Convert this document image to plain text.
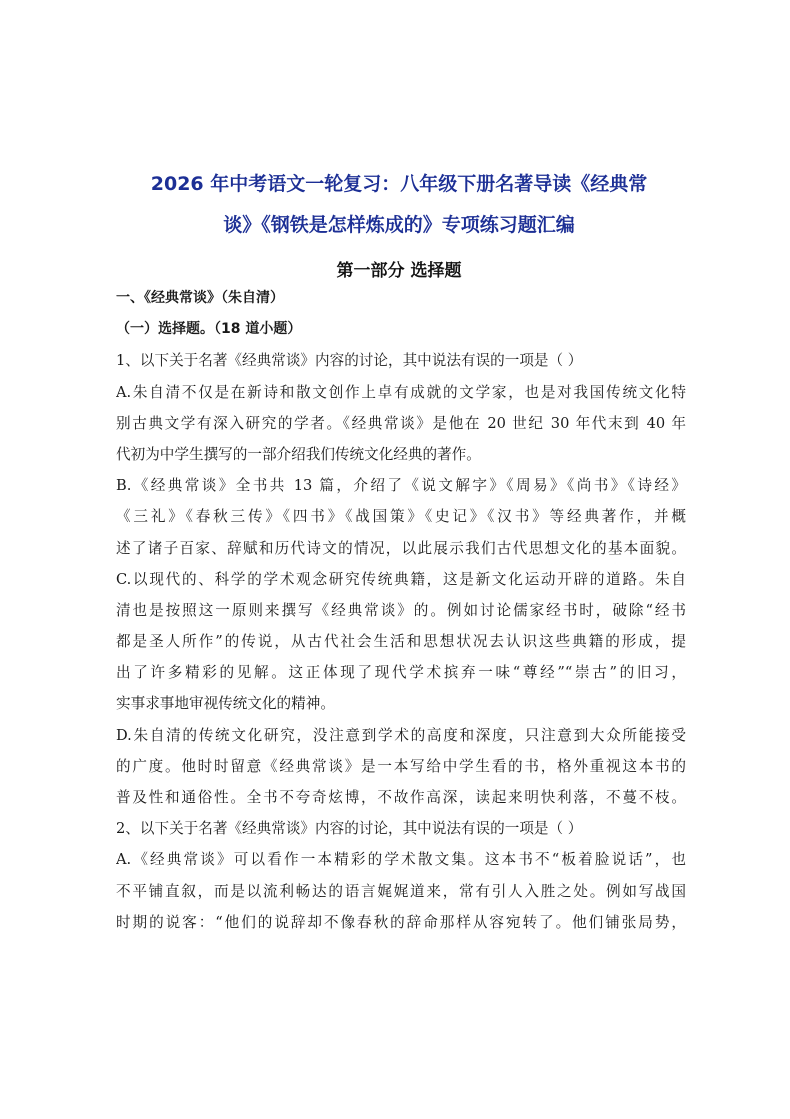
2026 年中考语文一轮复习：八年级下册名著导读《经典常
谈》《钢铁是怎样炼成的》专项练习题汇编
第一部分 选择题
一、《经典常谈》（朱自清）
（一）选择题。（18 道小题）
1、以下关于名著《经典常谈》内容的讨论，其中说法有误的一项是（ ）
A.朱自清不仅是在新诗和散文创作上卓有成就的文学家，也是对我国传统文化特
别古典文学有深入研究的学者。《经典常谈》是他在 20 世纪 30 年代末到 40 年
代初为中学生撰写的一部介绍我们传统文化经典的著作。
B.《经典常谈》全书共 13 篇，介绍了《说文解字》《周易》《尚书》《诗经》
《三礼》《春秋三传》《四书》《战国策》《史记》《汉书》等经典著作，并概
述了诸子百家、辞赋和历代诗文的情况，以此展示我们古代思想文化的基本面貌。
C.以现代的、科学的学术观念研究传统典籍，这是新文化运动开辟的道路。朱自
清也是按照这一原则来撰写《经典常谈》的。例如讨论儒家经书时，破除“经书
都是圣人所作”的传说，从古代社会生活和思想状况去认识这些典籍的形成，提
出了许多精彩的见解。这正体现了现代学术摈弃一味“尊经”“崇古”的旧习，
实事求事地审视传统文化的精神。
D.朱自清的传统文化研究，没注意到学术的高度和深度，只注意到大众所能接受
的广度。他时时留意《经典常谈》是一本写给中学生看的书，格外重视这本书的
普及性和通俗性。全书不夸奇炫博，不故作高深，读起来明快利落，不蔓不枝。
2、以下关于名著《经典常谈》内容的讨论，其中说法有误的一项是（ ）
A.《经典常谈》可以看作一本精彩的学术散文集。这本书不“板着脸说话”，也
不平铺直叙，而是以流利畅达的语言娓娓道来，常有引人入胜之处。例如写战国
时期的说客：“他们的说辞却不像春秋的辞命那样从容宛转了。他们铺张局势，
